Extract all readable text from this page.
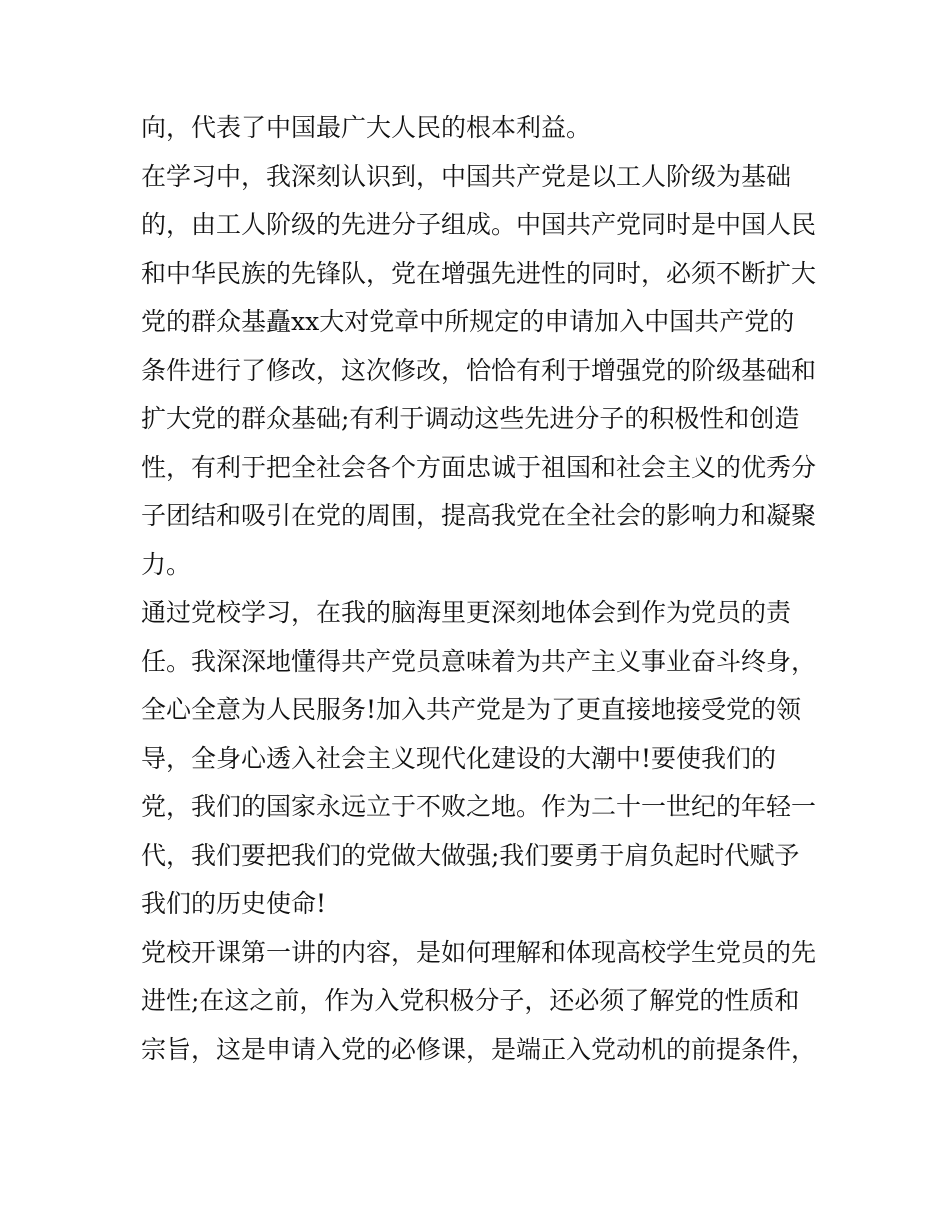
向，代表了中国最广大人民的根本利益。
在学习中，我深刻认识到，中国共产党是以工人阶级为基础
的，由工人阶级的先进分子组成。中国共产党同时是中国人民
和中华民族的先锋队，党在增强先进性的同时，必须不断扩大
党的群众基矗xx大对党章中所规定的申请加入中国共产党的
条件进行了修改，这次修改，恰恰有利于增强党的阶级基础和
扩大党的群众基础;有利于调动这些先进分子的积极性和创造
性，有利于把全社会各个方面忠诚于祖国和社会主义的优秀分
子团结和吸引在党的周围，提高我党在全社会的影响力和凝聚
力。
通过党校学习，在我的脑海里更深刻地体会到作为党员的责
任。我深深地懂得共产党员意味着为共产主义事业奋斗终身，
全心全意为人民服务!加入共产党是为了更直接地接受党的领
导，全身心透入社会主义现代化建设的大潮中!要使我们的
党，我们的国家永远立于不败之地。作为二十一世纪的年轻一
代，我们要把我们的党做大做强;我们要勇于肩负起时代赋予
我们的历史使命!
党校开课第一讲的内容，是如何理解和体现高校学生党员的先
进性;在这之前，作为入党积极分子，还必须了解党的性质和
宗旨，这是申请入党的必修课，是端正入党动机的前提条件，
